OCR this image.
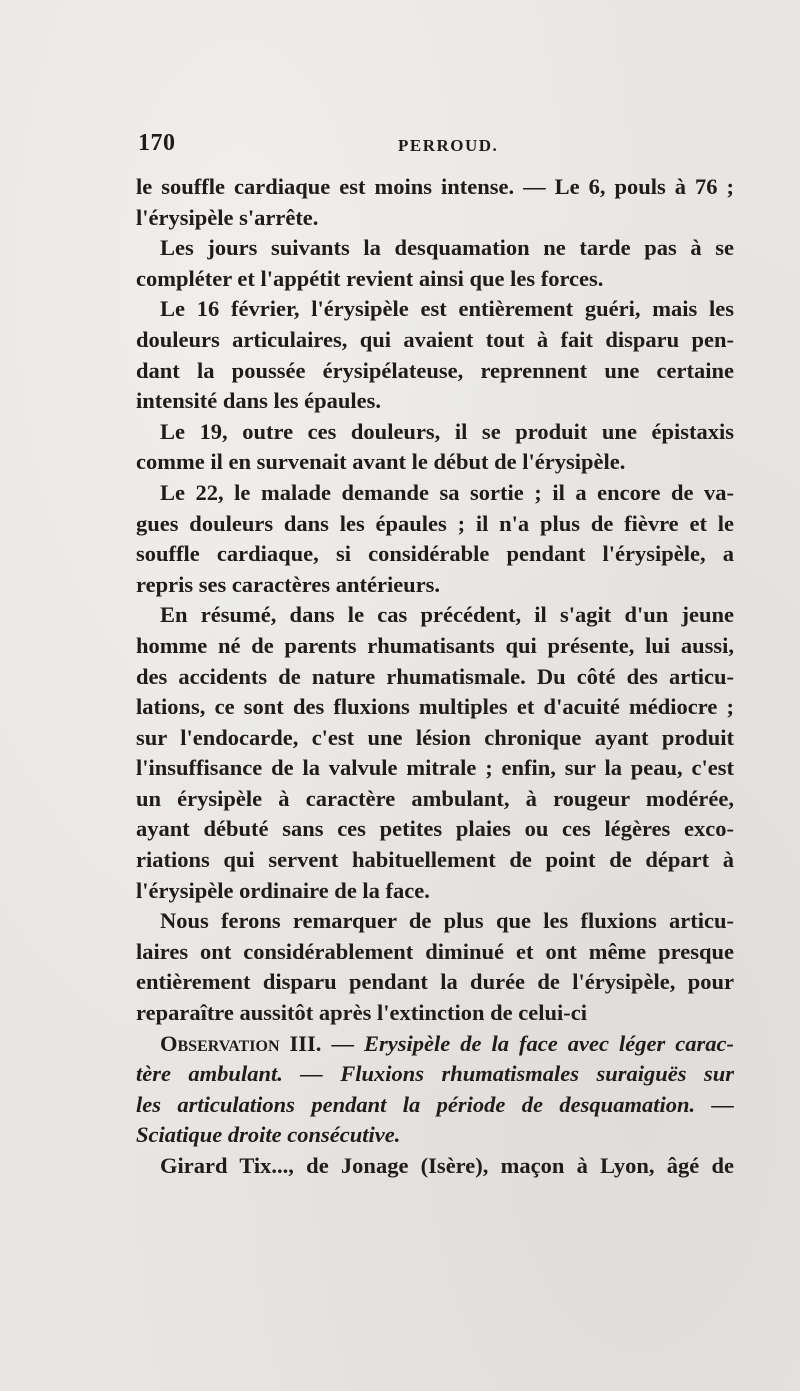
170	PERROUD.
le souffle cardiaque est moins intense. — Le 6, pouls à 76 ;
l'érysipèle s'arrête.
Les jours suivants la desquamation ne tarde pas à se
compléter et l'appétit revient ainsi que les forces.
Le 16 février, l'érysipèle est entièrement guéri, mais les
douleurs articulaires, qui avaient tout à fait disparu pen-
dant la poussée érysipélateuse, reprennent une certaine
intensité dans les épaules.
Le 19, outre ces douleurs, il se produit une épistaxis
comme il en survenait avant le début de l'érysipèle.
Le 22, le malade demande sa sortie ; il a encore de va-
gues douleurs dans les épaules ; il n'a plus de fièvre et le
souffle cardiaque, si considérable pendant l'érysipèle, a
repris ses caractères antérieurs.
En résumé, dans le cas précédent, il s'agit d'un jeune
homme né de parents rhumatisants qui présente, lui aussi,
des accidents de nature rhumatismale. Du côté des articu-
lations, ce sont des fluxions multiples et d'acuité médiocre ;
sur l'endocarde, c'est une lésion chronique ayant produit
l'insuffisance de la valvule mitrale ; enfin, sur la peau, c'est
un érysipèle à caractère ambulant, à rougeur modérée,
ayant débuté sans ces petites plaies ou ces légères exco-
riations qui servent habituellement de point de départ à
l'érysipèle ordinaire de la face.
Nous ferons remarquer de plus que les fluxions articu-
laires ont considérablement diminué et ont même presque
entièrement disparu pendant la durée de l'érysipèle, pour
reparaître aussitôt après l'extinction de celui-ci
Observation III. — Erysipèle de la face avec léger carac-
tère ambulant. — Fluxions rhumatismales suraiguës sur
les articulations pendant la période de desquamation. —
Sciatique droite consécutive.
Girard Tix..., de Jonage (Isère), maçon à Lyon, âgé de
